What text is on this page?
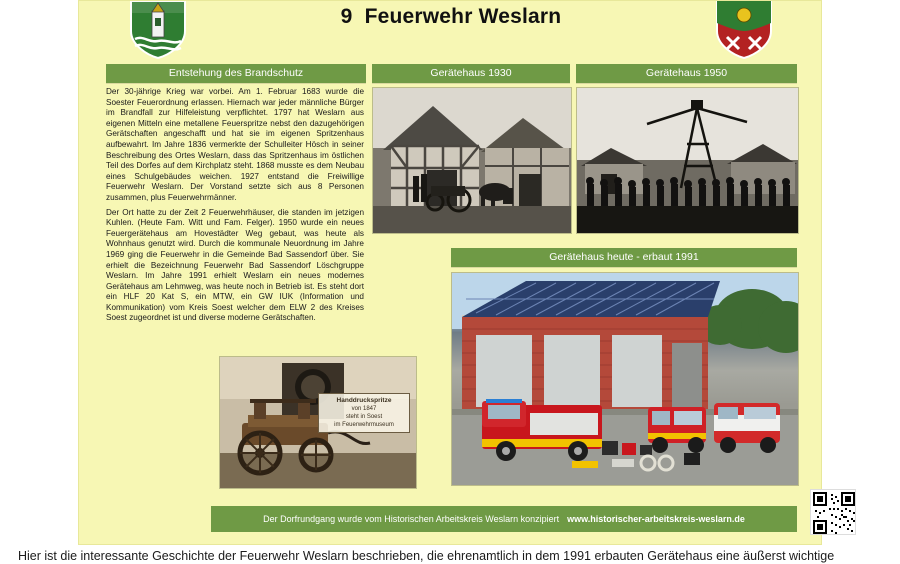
9 Feuerwehr Weslarn
Entstehung des Brandschutz	Gerätehaus 1930	Gerätehaus 1950
Gerätehaus heute - erbaut 1991

Der 30-jährige Krieg war vorbei. Am 1. Februar 1683 wurde die Soester Feuerordnung erlassen. Hiernach war jeder männliche Bürger im Brandfall zur Hilfeleistung verpflichtet. 1797 hat Weslarn aus eigenen Mitteln eine metallene Feuerspritze nebst den dazugehörigen Gerätschaften angeschafft und hat sie im eigenen Spritzenhaus aufbewahrt. Im Jahre 1836 vermerkte der Schulleiter Hösch in seiner Beschreibung des Ortes Weslarn, dass das Spritzenhaus im östlichen Teil des Dorfes auf dem Kirchplatz steht. 1868 musste es dem Neubau eines Schulgebäudes weichen. 1927 entstand die Freiwillige Feuerwehr Weslarn. Der Vorstand setzte sich aus 8 Personen zusammen, plus Feuerwehrmänner.

Der Ort hatte zu der Zeit 2 Feuerwehrhäuser, die standen im jetzigen Kuhlen. (Heute Fam. Witt und Fam. Felger). 1950 wurde ein neues Feuergerätehaus am Hovestädter Weg gebaut, was heute als Wohnhaus genutzt wird. Durch die kommunale Neuordnung im Jahre 1969 ging die Feuerwehr in die Gemeinde Bad Sassendorf über. Sie erhielt die Bezeichnung Feuerwehr Bad Sassendorf Löschgruppe Weslarn. Im Jahre 1991 erhielt Weslarn ein neues modernes Gerätehaus am Lehmweg, was heute noch in Betrieb ist. Es steht dort ein HLF 20 Kat S, ein MTW, ein GW IUK (Information und Kommunikation) vom Kreis Soest welcher dem ELW 2 des Kreises Soest zugeordnet ist und diverse moderne Gerätschaften.

Handdruckspritze
von 1847
steht in Soest
im Feuerwehrmuseum
Der Dorfrundgang wurde vom Historischen Arbeitskreis Weslarn konzipiert www.historischer-arbeitskreis-weslarn.de
Hier ist die interessante Geschichte der Feuerwehr Weslarn beschrieben, die ehrenamtlich in dem 1991 erbauten Gerätehaus eine äußerst wichtige
